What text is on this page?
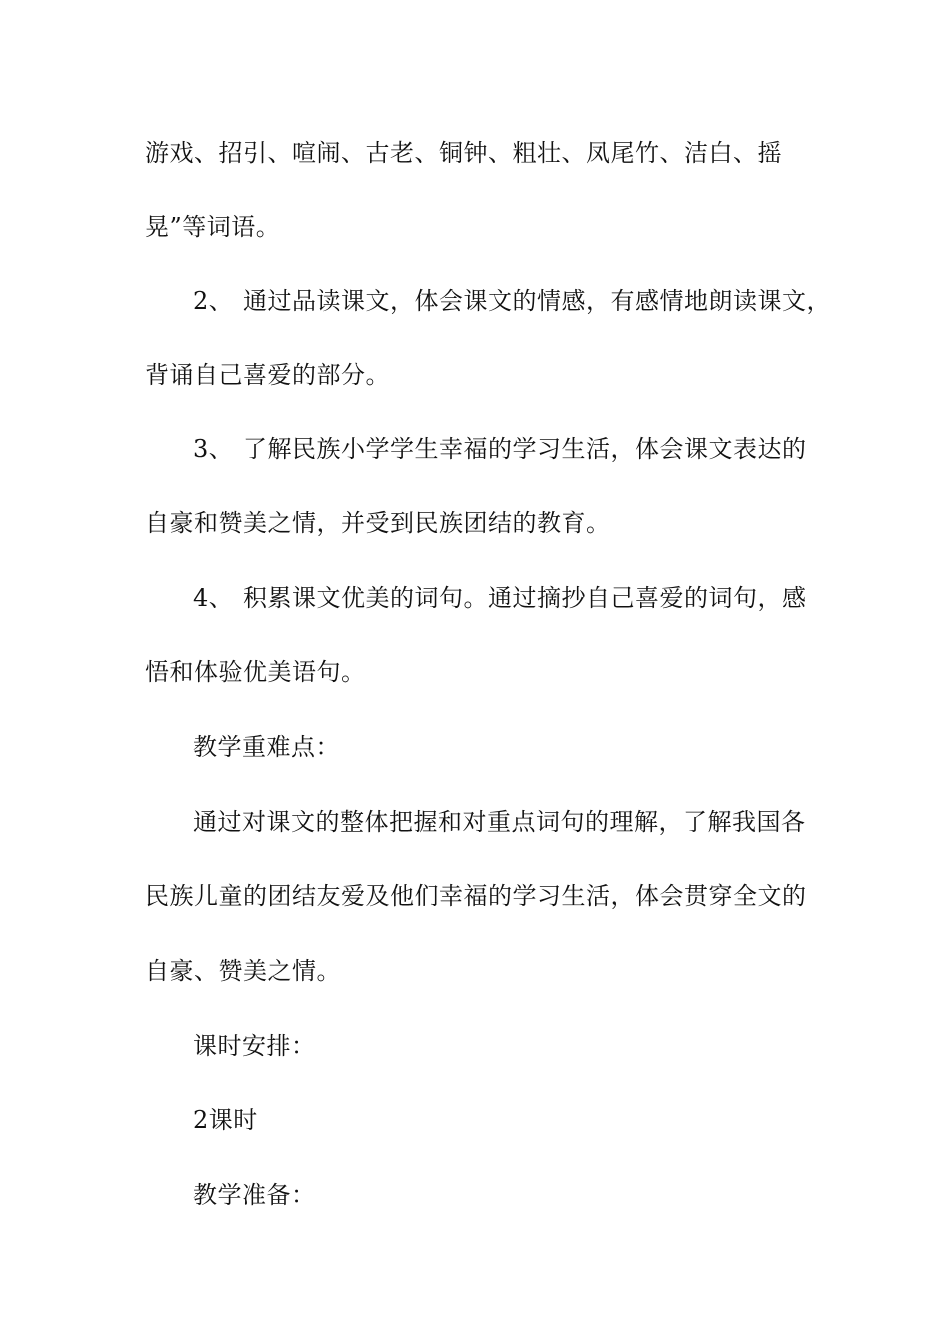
游戏、招引、喧闹、古老、铜钟、粗壮、凤尾竹、洁白、摇
晃”等词语。
2、 通过品读课文，体会课文的情感，有感情地朗读课文，
背诵自己喜爱的部分。
3、 了解民族小学学生幸福的学习生活，体会课文表达的
自豪和赞美之情，并受到民族团结的教育。
4、 积累课文优美的词句。通过摘抄自己喜爱的词句，感
悟和体验优美语句。
教学重难点：
通过对课文的整体把握和对重点词句的理解，了解我国各
民族儿童的团结友爱及他们幸福的学习生活，体会贯穿全文的
自豪、赞美之情。
课时安排：
2课时
教学准备：
